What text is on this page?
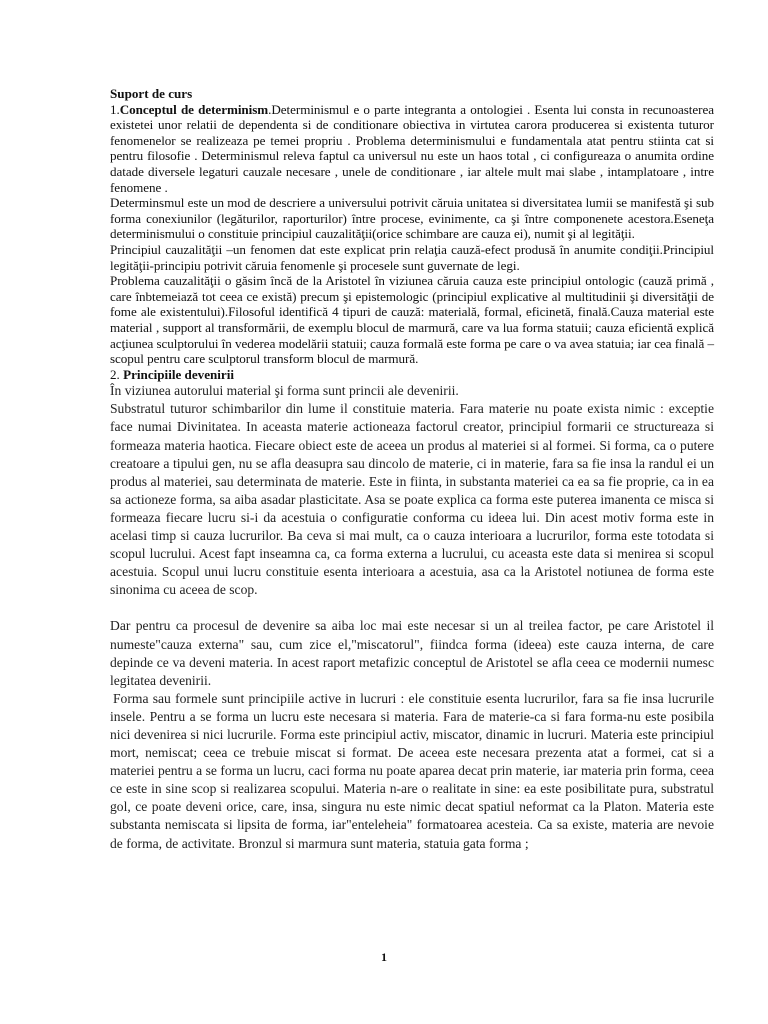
Suport de curs

1.Conceptul de determinism.Determinismul e o parte integranta a ontologiei . Esenta lui consta in recunoasterea existetei unor relatii de dependenta si de conditionare obiectiva in virtutea carora producerea si existenta tuturor fenomenelor se realizeaza pe temei propriu . Problema determinismului e fundamentala atat pentru stiinta cat si pentru filosofie . Determinismul releva faptul ca universul nu este un haos total , ci configureaza o anumita ordine datade diversele legaturi cauzale necesare , unele de conditionare , iar altele mult mai slabe , intamplatoare , intre fenomene .

Determinsmul este un mod de descriere a universului potrivit căruia unitatea si diversitatea lumii se manifestă şi sub forma conexiunilor (legăturilor, raporturilor) între procese, evinimente, ca şi între componenete acestora.Eseneţa determinismului o constituie principiul cauzalităţii(orice schimbare are cauza ei), numit şi al legităţii.

Principiul cauzalităţii –un fenomen dat este explicat prin relaţia cauză-efect produsă în anumite condiţii.Principiul legităţii-principiu potrivit căruia fenomenle şi procesele sunt guvernate de legi.

Problema cauzalităţii o găsim încă de la Aristotel în viziunea căruia cauza este principiul ontologic (cauză primă , care înbtemeiază tot ceea ce există) precum şi epistemologic (principiul explicative al multitudinii şi diversităţii de fome ale existentului).Filosoful identifică 4 tipuri de cauză: materială, formal, eficinetă, finală.Cauza material este material , support al transformării, de exemplu blocul de marmură, care va lua forma statuii; cauza eficientă explică acţiunea sculptorului în vederea modelării statuii; cauza formală este forma pe care o va avea statuia; iar cea finală –scopul pentru care sculptorul transform blocul de marmură.

2. Principiile devenirii

În viziunea autorului material şi forma sunt princii ale devenirii.

Substratul tuturor schimbarilor din lume il constituie materia. Fara materie nu poate exista nimic : exceptie face numai Divinitatea. In aceasta materie actioneaza factorul creator, principiul formarii ce structureaza si formeaza materia haotica. Fiecare obiect este de aceea un produs al materiei si al formei. Si forma, ca o putere creatoare a tipului gen, nu se afla deasupra sau dincolo de materie, ci in materie, fara sa fie insa la randul ei un produs al materiei, sau determinata de materie. Este in fiinta, in substanta materiei ca ea sa fie proprie, ca in ea sa actioneze forma, sa aiba asadar plasticitate. Asa se poate explica ca forma este puterea imanenta ce misca si formeaza fiecare lucru si-i da acestuia o configuratie conforma cu ideea lui. Din acest motiv forma este in acelasi timp si cauza lucrurilor. Ba ceva si mai mult, ca o cauza interioara a lucrurilor, forma este totodata si scopul lucrului. Acest fapt inseamna ca, ca forma externa a lucrului, cu aceasta este data si menirea si scopul acestuia. Scopul unui lucru constituie esenta interioara a acestuia, asa ca la Aristotel notiunea de forma este sinonima cu aceea de scop.

Dar pentru ca procesul de devenire sa aiba loc mai este necesar si un al treilea factor, pe care Aristotel il numeste"cauza externa" sau, cum zice el,"miscatorul", fiindca forma (ideea) este cauza interna, de care depinde ce va deveni materia. In acest raport metafizic conceptul de Aristotel se afla ceea ce modernii numesc legitatea devenirii.

Forma sau formele sunt principiile active in lucruri : ele constituie esenta lucrurilor, fara sa fie insa lucrurile insele. Pentru a se forma un lucru este necesara si materia. Fara de materie-ca si fara forma-nu este posibila nici devenirea si nici lucrurile. Forma este principiul activ, miscator, dinamic in lucruri. Materia este principiul mort, nemiscat; ceea ce trebuie miscat si format. De aceea este necesara prezenta atat a formei, cat si a materiei pentru a se forma un lucru, caci forma nu poate aparea decat prin materie, iar materia prin forma, ceea ce este in sine scop si realizarea scopului. Materia n-are o realitate in sine: ea este posibilitate pura, substratul gol, ce poate deveni orice, care, insa, singura nu este nimic decat spatiul neformat ca la Platon. Materia este substanta nemiscata si lipsita de forma, iar"enteleheia" formatoarea acesteia. Ca sa existe, materia are nevoie de forma, de activitate. Bronzul si marmura sunt materia, statuia gata forma ;

1
